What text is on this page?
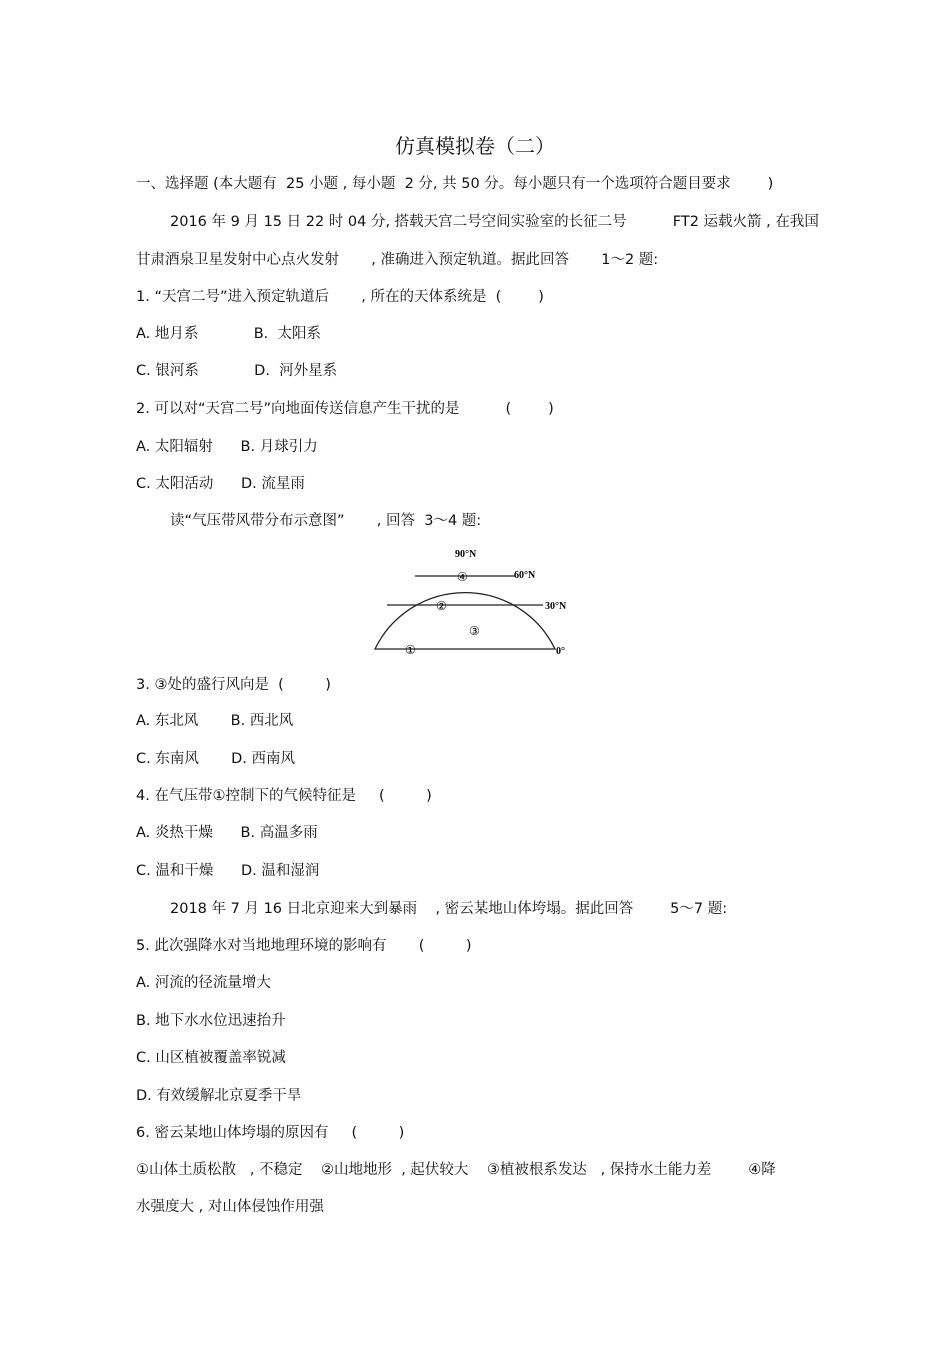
仿真模拟卷（二）
一、选择题 (本大题有  25 小题 , 每小题  2 分, 共 50 分。每小题只有一个选项符合题目要求        )
2016 年 9 月 15 日 22 时 04 分, 搭载天宫二号空间实验室的长征二号          FT2 运载火箭 , 在我国
甘肃酒泉卫星发射中心点火发射       , 准确进入预定轨道。据此回答       1～2 题:
1. “天宫二号”进入预定轨道后       , 所在的天体系统是  (        )
A. 地月系            B.  太阳系
C. 银河系            D.  河外星系
2. 可以对“天宫二号”向地面传送信息产生干扰的是          (        )
A. 太阳辐射      B. 月球引力
C. 太阳活动      D. 流星雨
读“气压带风带分布示意图”       , 回答  3～4 题:
90°N
60°N
30°N
0°
④
②
③
①
3. ③处的盛行风向是  (         )
A. 东北风       B. 西北风
C. 东南风       D. 西南风
4. 在气压带①控制下的气候特征是     (         )
A. 炎热干燥      B. 高温多雨
C. 温和干燥      D. 温和湿润
2018 年 7 月 16 日北京迎来大到暴雨    , 密云某地山体垮塌。据此回答        5～7 题:
5. 此次强降水对当地地理环境的影响有       (         )
A. 河流的径流量增大
B. 地下水水位迅速抬升
C. 山区植被覆盖率锐减
D. 有效缓解北京夏季干旱
6. 密云某地山体垮塌的原因有     (         )
①山体土质松散   , 不稳定    ②山地地形  , 起伏较大    ③植被根系发达   , 保持水土能力差        ④降
水强度大 , 对山体侵蚀作用强
